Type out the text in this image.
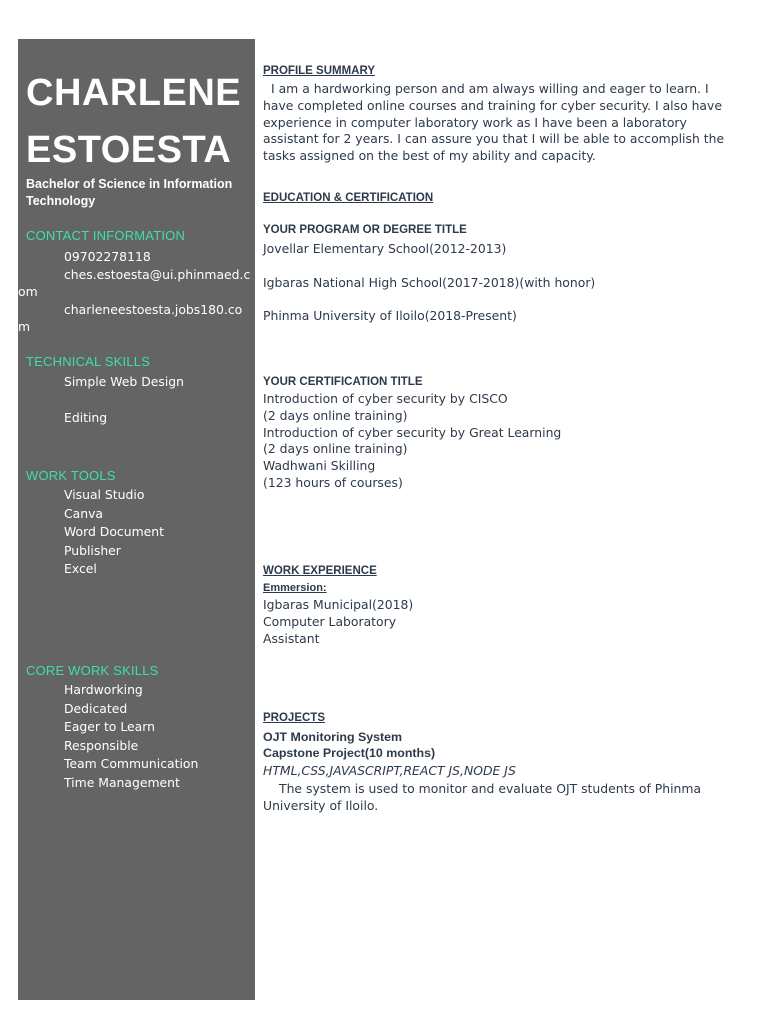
CHARLENE
ESTOESTA
Bachelor of Science in Information Technology
CONTACT INFORMATION
09702278118
ches.estoesta@ui.phinmaed.com
charleneestoesta.jobs180.com
TECHNICAL SKILLS
Simple Web Design
Editing
WORK TOOLS
Visual Studio
Canva
Word Document
Publisher
Excel
CORE WORK SKILLS
Hardworking
Dedicated
Eager to Learn
Responsible
Team Communication
Time Management
PROFILE SUMMARY

I am a hardworking person and am always willing and eager to learn. I have completed online courses and training for cyber security. I also have experience in computer laboratory work as I have been a laboratory assistant for 2 years. I can assure you that I will be able to accomplish the tasks assigned on the best of my ability and capacity.

EDUCATION & CERTIFICATION
YOUR PROGRAM OR DEGREE TITLE
Jovellar Elementary School(2012-2013)
Igbaras National High School(2017-2018)(with honor)
Phinma University of Iloilo(2018-Present)
YOUR CERTIFICATION TITLE
Introduction of cyber security by CISCO
(2 days online training)
Introduction of cyber security by Great Learning
(2 days online training)
Wadhwani Skilling
(123 hours of courses)
WORK EXPERIENCE
Emmersion:
Igbaras Municipal(2018)
Computer Laboratory
Assistant
PROJECTS
OJT Monitoring System
Capstone Project(10 months)
HTML,CSS,JAVASCRIPT,REACT JS,NODE JS

The system is used to monitor and evaluate OJT students of Phinma University of Iloilo.
